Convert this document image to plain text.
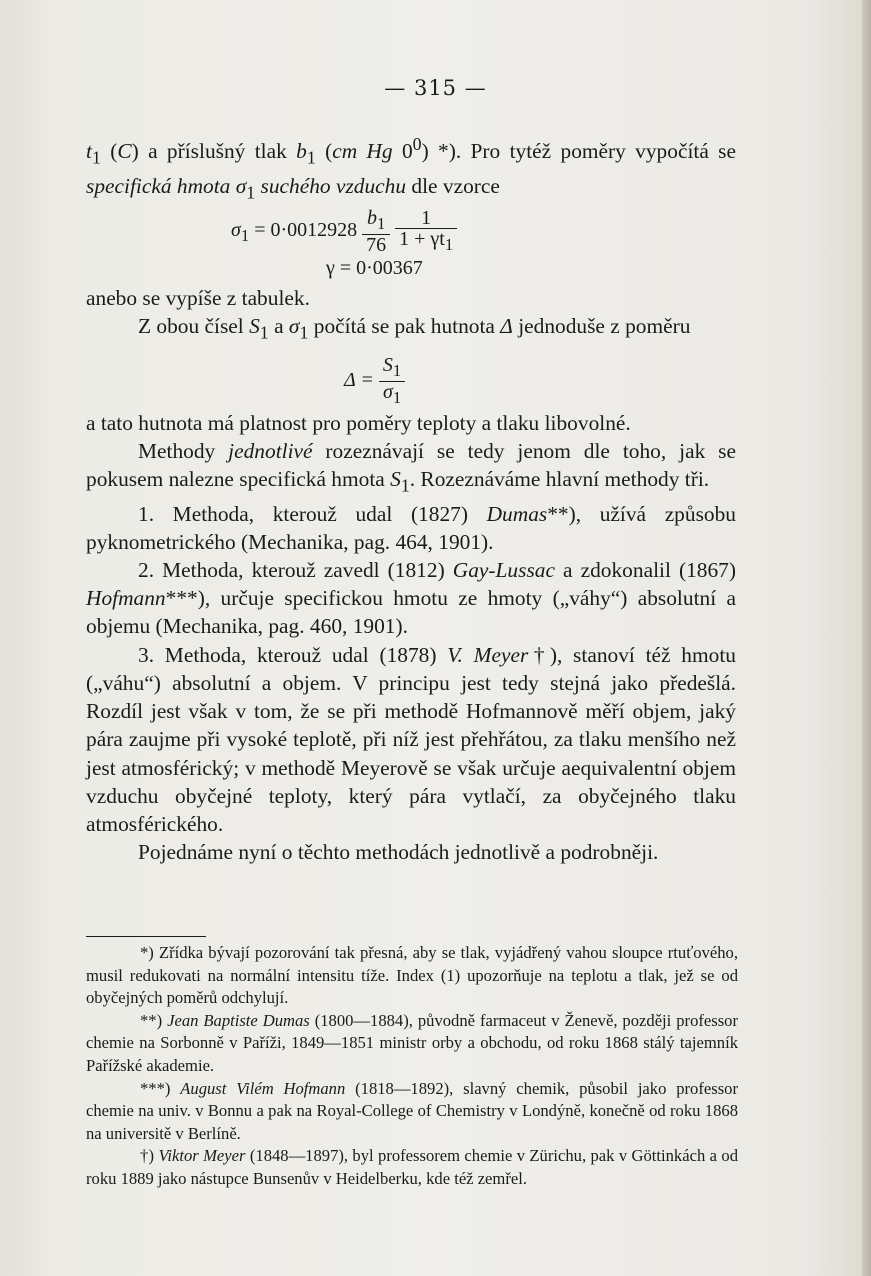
— 315 —

$t_1$ (C) a příslušný tlak $b_1$ (cm Hg $0^0$) *). Pro tytéž poměry vypočítá se specifická hmota $\sigma_1$ suchého vzduchu dle vzorce

$\sigma_1 = 0\cdot 0012928 \frac{b_1}{76}$
$\frac{1}{1 + \gamma t_1}$
γ = 0·00367

anebo se vypíše z tabulek.

Z obou čísel $S_1$ a $\sigma_1$ počítá se pak hutnota Δ jednoduše z poměru

$\Delta = \frac{S_1}{\sigma_1}$

a tato hutnota má platnost pro poměry teploty a tlaku libovolné.

Methody jednotlivé rozeznávají se tedy jenom dle toho, jak se pokusem nalezne specifická hmota $S_1$. Rozeznáváme hlavní methody tři.

1. Methoda, kterouž udal (1827) Dumas**), užívá způsobu pyknometrického (Mechanika, pag. 464, 1901).

2. Methoda, kterouž zavedl (1812) Gay-Lussac a zdokonalil (1867) Hofmann***), určuje specifickou hmotu ze hmoty („váhy“) absolutní a objemu (Mechanika, pag. 460, 1901).

3. Methoda, kterouž udal (1878) V. Meyer†), stanoví též hmotu („váhu“) absolutní a objem. V principu jest tedy stejná jako předešlá. Rozdíl jest však v tom, že se při methodě Hofmannově měří objem, jaký pára zaujme při vysoké teplotě, při níž jest přehřátou, za tlaku menšího než jest atmosférický; v methodě Meyerově se však určuje aequivalentní objem vzduchu obyčejné teploty, který pára vytlačí, za obyčejného tlaku atmosférického.

Pojednáme nyní o těchto methodách jednotlivě a podrobněji.

*) Zřídka bývají pozorování tak přesná, aby se tlak, vyjádřený vahou sloupce rtuťového, musil redukovati na normální intensitu tíže. Index (1) upozorňuje na teplotu a tlak, jež se od obyčejných poměrů odchylují.

**) Jean Baptiste Dumas (1800—1884), původně farmaceut v Ženevě, později professor chemie na Sorbonně v Paříži, 1849—1851 ministr orby a obchodu, od roku 1868 stálý tajemník Pařížské akademie.

***) August Vilém Hofmann (1818—1892), slavný chemik, působil jako professor chemie na univ. v Bonnu a pak na Royal-College of Chemistry v Londýně, konečně od roku 1868 na universitě v Berlíně.

†) Viktor Meyer (1848—1897), byl professorem chemie v Zürichu, pak v Göttinkách a od roku 1889 jako nástupce Bunsenův v Heidelberku, kde též zemřel.
